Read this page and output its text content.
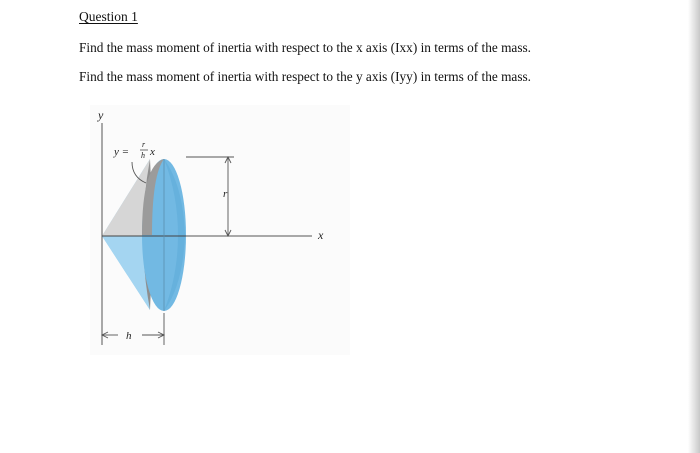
Question 1
Find the mass moment of inertia with respect to the x axis (Ixx) in terms of the mass.
Find the mass moment of inertia with respect to the y axis (Iyy) in terms of the mass.
r
h
y
x
y =
r
h x
